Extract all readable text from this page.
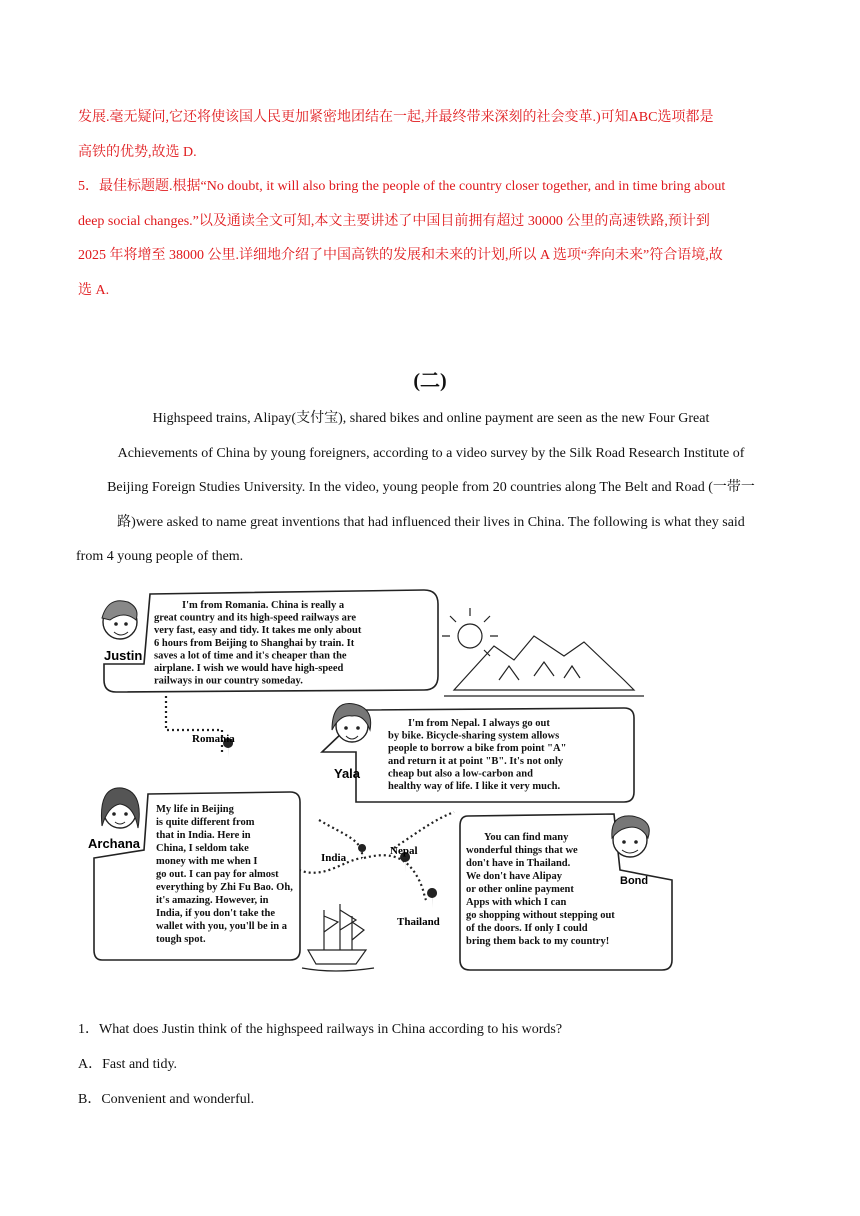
发展.毫无疑问,它还将使该国人民更加紧密地团结在一起,并最终带来深刻的社会变革.)可知ABC选项都是

高铁的优势,故选 D.

5．最佳标题题.根据“No doubt, it will also bring the people of the country closer together, and in time bring about

deep social changes.”以及通读全文可知,本文主要讲述了中国目前拥有超过 30000 公里的高速铁路,预计到

2025 年将增至 38000 公里.详细地介绍了中国高铁的发展和未来的计划,所以 A 选项“奔向未来”符合语境,故

选 A.

(二)
Highspeed trains, Alipay(支付宝), shared bikes and online payment are seen as the new Four Great
Achievements of China by young foreigners, according to a video survey by the Silk Road Research Institute of
Beijing Foreign Studies University. In the video, young people from 20 countries along The Belt and Road (一带一
路)were asked to name great inventions that had influenced their lives in China. The following is what they said
from 4 young people of them.
Romania
Nepal
India
Thailand
Justin
I'm from Romania. China is really a
great country and its high-speed railways are
very fast, easy and tidy. It takes me only about
6 hours from Beijing to Shanghai by train. It
saves a lot of time and it's cheaper than the
airplane. I wish we would have high-speed
railways in our country someday.
Yala
I'm from Nepal. I always go out
by bike. Bicycle-sharing system allows
people to borrow a bike from point "A"
and return it at point "B". It's not only
cheap but also a low-carbon and
healthy way of life. I like it very much.
Archana
My life in Beijing
is quite different from
that in India. Here in
China, I seldom take
money with me when I
go out. I can pay for almost
everything by Zhi Fu Bao. Oh,
it's amazing. However, in
India, if you don't take the
wallet with you, you'll be in a
tough spot.
Bond
You can find many
wonderful things that we
don't have in Thailand.
We don't have Alipay
or other online payment
Apps with which I can
go shopping without stepping out
of the doors. If only I could
bring them back to my country!
1．What does Justin think of the highspeed railways in China according to his words?
A．Fast and tidy.
B．Convenient and wonderful.
